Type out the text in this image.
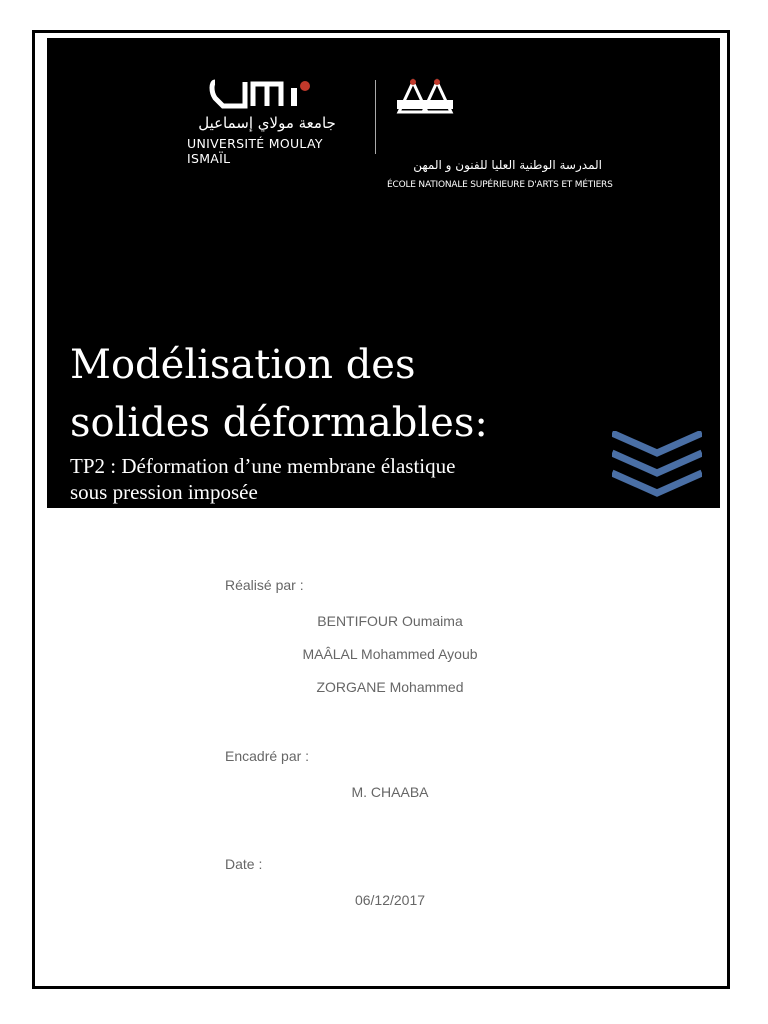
جامعة مولاي إسماعيل
UNIVERSITÉ MOULAY ISMAÏL	المدرسة الوطنية العليا للفنون و المهن
ÉCOLE NATIONALE SUPÉRIEURE D'ARTS ET MÉTIERS
Modélisation des
solides déformables:

TP2 : Déformation d’une membrane élastique
sous pression imposée

Réalisé par :
BENTIFOUR Oumaima
MAÂLAL Mohammed Ayoub
ZORGANE Mohammed
Encadré par :
M. CHAABA
Date :
06/12/2017
